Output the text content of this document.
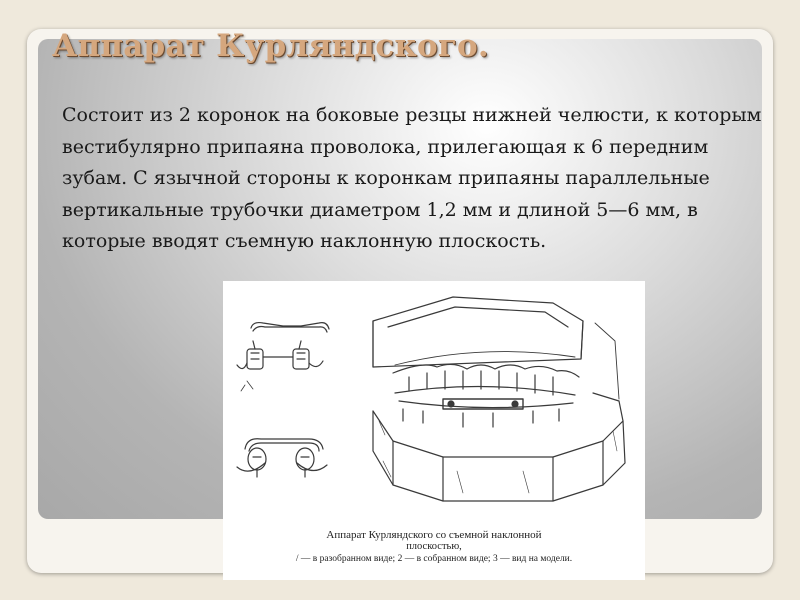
Аппарат Курляндского.

Состоит из 2 коронок на боковые резцы нижней челюсти, к которым вестибулярно припаяна проволока, прилегающая к 6 передним зубам. С язычной стороны к коронкам припаяны параллельные вертикальные трубочки диаметром 1,2 мм и длиной 5—6 мм, в которые вводят съемную наклонную плоскость.

Аппарат Курляндского со съемной наклонной
плоскостью,
/ — в разобранном виде; 2 — в собранном виде; 3 — вид на модели.
